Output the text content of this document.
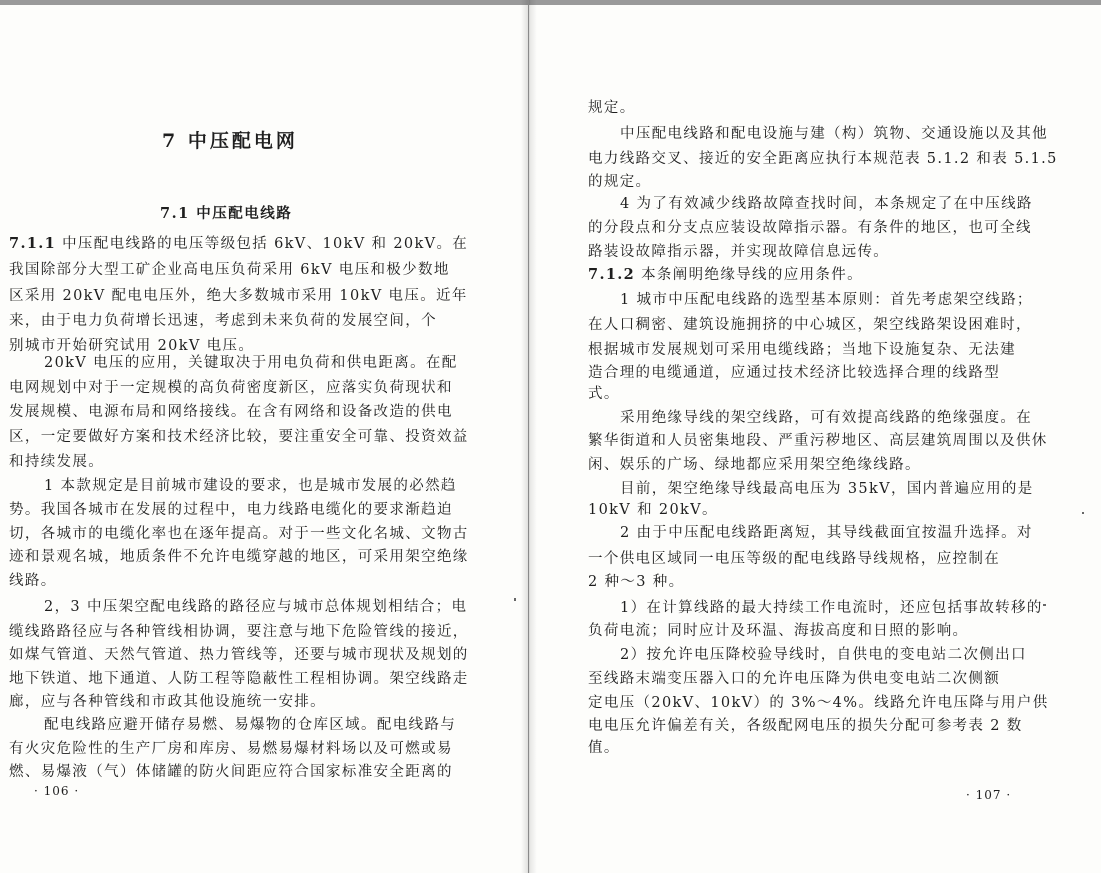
7 中压配电网
7.1 中压配电线路
7.1.1 中压配电线路的电压等级包括 6kV、10kV 和 20kV。在
我国除部分大型工矿企业高电压负荷采用 6kV 电压和极少数地
区采用 20kV 配电电压外，绝大多数城市采用 10kV 电压。近年
来，由于电力负荷增长迅速，考虑到未来负荷的发展空间，个
别城市开始研究试用 20kV 电压。
20kV 电压的应用，关键取决于用电负荷和供电距离。在配
电网规划中对于一定规模的高负荷密度新区，应落实负荷现状和
发展规模、电源布局和网络接线。在含有网络和设备改造的供电
区，一定要做好方案和技术经济比较，要注重安全可靠、投资效益
和持续发展。
1 本款规定是目前城市建设的要求，也是城市发展的必然趋
势。我国各城市在发展的过程中，电力线路电缆化的要求渐趋迫
切，各城市的电缆化率也在逐年提高。对于一些文化名城、文物古
迹和景观名城，地质条件不允许电缆穿越的地区，可采用架空绝缘
线路。
2，3 中压架空配电线路的路径应与城市总体规划相结合；电
缆线路路径应与各种管线相协调，要注意与地下危险管线的接近，
如煤气管道、天然气管道、热力管线等，还要与城市现状及规划的
地下铁道、地下通道、人防工程等隐蔽性工程相协调。架空线路走
廊，应与各种管线和市政其他设施统一安排。
配电线路应避开储存易燃、易爆物的仓库区域。配电线路与
有火灾危险性的生产厂房和库房、易燃易爆材料场以及可燃或易
燃、易爆液（气）体储罐的防火间距应符合国家标准安全距离的
· 106 ·
规定。
中压配电线路和配电设施与建（构）筑物、交通设施以及其他
电力线路交叉、接近的安全距离应执行本规范表 5.1.2 和表 5.1.5
的规定。
4 为了有效减少线路故障查找时间，本条规定了在中压线路
的分段点和分支点应装设故障指示器。有条件的地区，也可全线
路装设故障指示器，并实现故障信息远传。
7.1.2 本条阐明绝缘导线的应用条件。
1 城市中压配电线路的选型基本原则：首先考虑架空线路；
在人口稠密、建筑设施拥挤的中心城区，架空线路架设困难时，
根据城市发展规划可采用电缆线路；当地下设施复杂、无法建
造合理的电缆通道，应通过技术经济比较选择合理的线路型
式。
采用绝缘导线的架空线路，可有效提高线路的绝缘强度。在
繁华街道和人员密集地段、严重污秽地区、高层建筑周围以及供休
闲、娱乐的广场、绿地都应采用架空绝缘线路。
目前，架空绝缘导线最高电压为 35kV，国内普遍应用的是
10kV 和 20kV。
2 由于中压配电线路距离短，其导线截面宜按温升选择。对
一个供电区域同一电压等级的配电线路导线规格，应控制在
2 种～3 种。
1）在计算线路的最大持续工作电流时，还应包括事故转移的
负荷电流；同时应计及环温、海拔高度和日照的影响。
2）按允许电压降校验导线时，自供电的变电站二次侧出口
至线路末端变压器入口的允许电压降为供电变电站二次侧额
定电压（20kV、10kV）的 3%～4%。线路允许电压降与用户供
电电压允许偏差有关，各级配网电压的损失分配可参考表 2 数
值。
· 107 ·
